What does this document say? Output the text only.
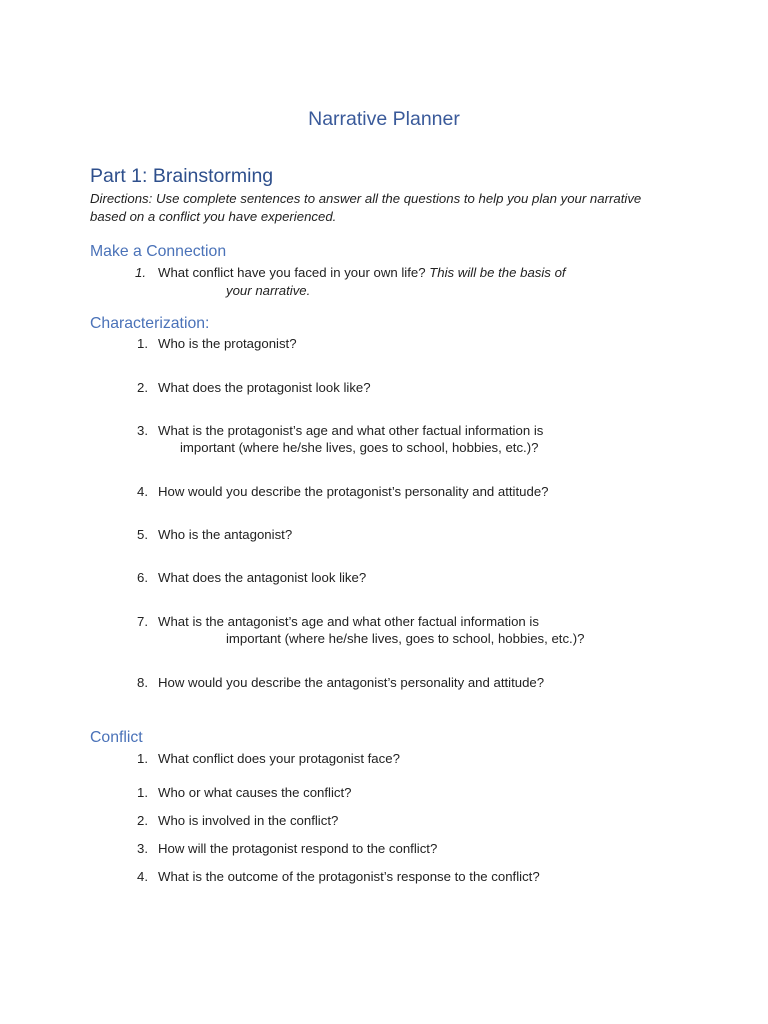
Narrative Planner
Part 1: Brainstorming
Directions: Use complete sentences to answer all the questions to help you plan your narrative
based on a conflict you have experienced.
Make a Connection
1. What conflict have you faced in your own life? This will be the basis of
your narrative.
Characterization:
1. Who is the protagonist?
2. What does the protagonist look like?
3. What is the protagonist’s age and what other factual information is
important (where he/she lives, goes to school, hobbies, etc.)?
4. How would you describe the protagonist’s personality and attitude?
5. Who is the antagonist?
6. What does the antagonist look like?
7. What is the antagonist’s age and what other factual information is
important (where he/she lives, goes to school, hobbies, etc.)?
8. How would you describe the antagonist’s personality and attitude?
Conflict
1. What conflict does your protagonist face?
1. Who or what causes the conflict?
2. Who is involved in the conflict?
3. How will the protagonist respond to the conflict?
4. What is the outcome of the protagonist’s response to the conflict?
